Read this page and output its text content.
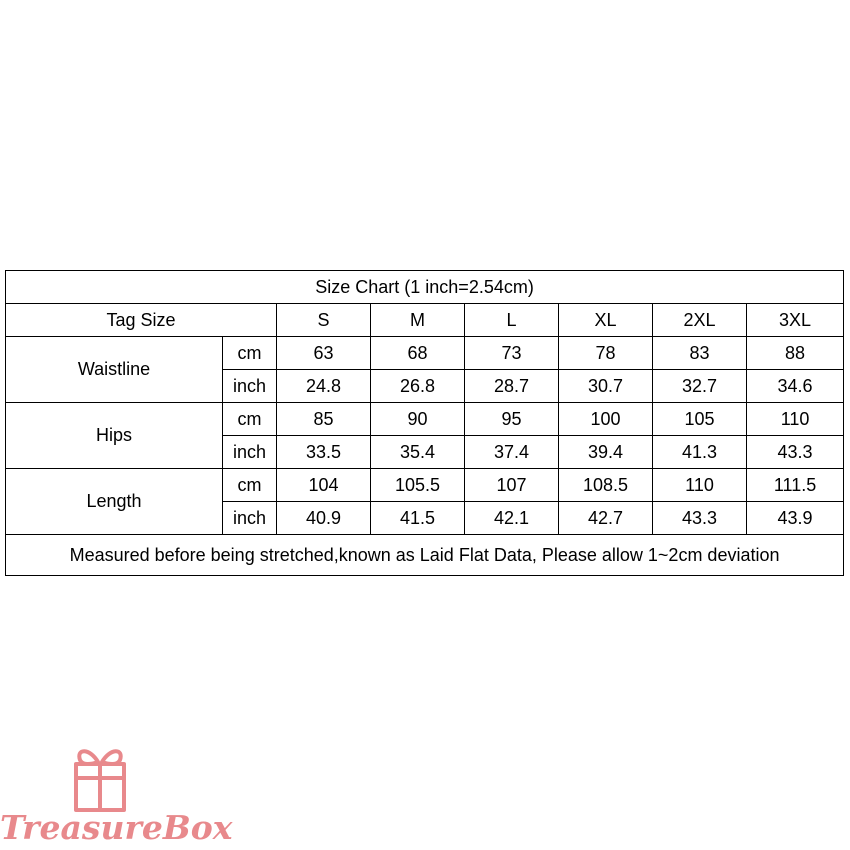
Size Chart (1 inch=2.54cm)							
Tag Size		S	M	L	XL	2XL	3XL
Waistline	cm	63	68	73	78	83	88
	inch	24.8	26.8	28.7	30.7	32.7	34.6
Hips	cm	85	90	95	100	105	110
	inch	33.5	35.4	37.4	39.4	41.3	43.3
Length	cm	104	105.5	107	108.5	110	111.5
	inch	40.9	41.5	42.1	42.7	43.3	43.9
Measured before being stretched,known as Laid Flat Data, Please allow 1~2cm deviation							
TreasureBox
